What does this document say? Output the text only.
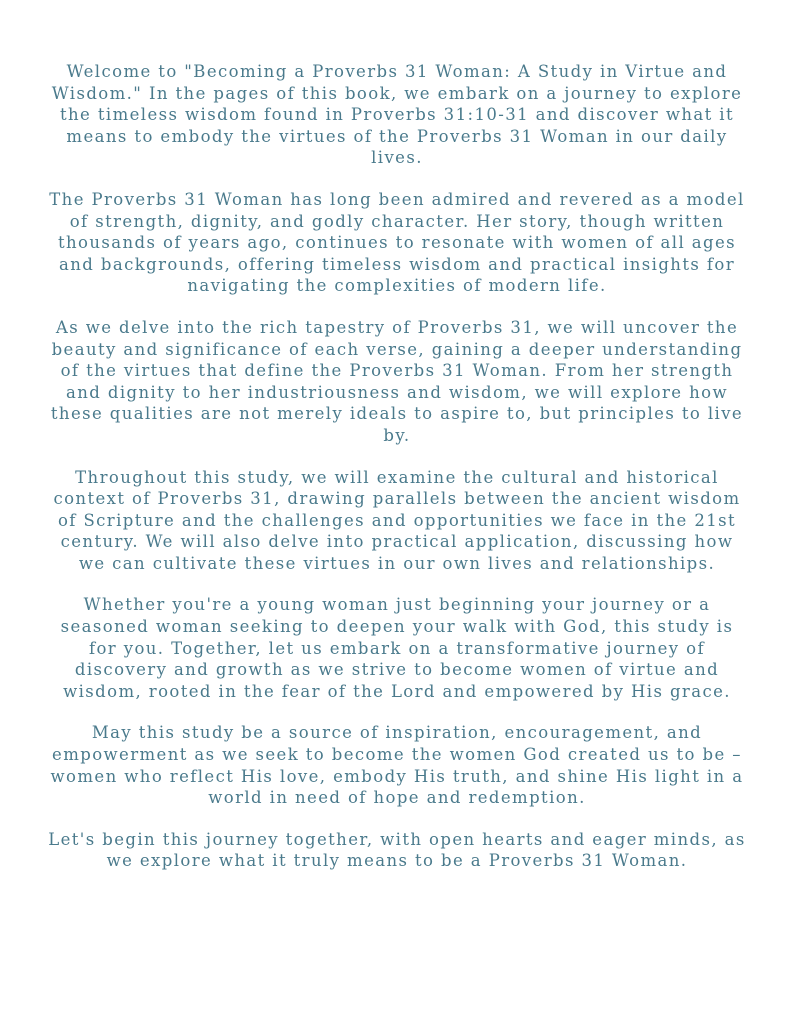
Welcome to "Becoming a Proverbs 31 Woman: A Study in Virtue and Wisdom." In the pages of this book, we embark on a journey to explore the timeless wisdom found in Proverbs 31:10-31 and discover what it means to embody the virtues of the Proverbs 31 Woman in our daily lives.

The Proverbs 31 Woman has long been admired and revered as a model of strength, dignity, and godly character. Her story, though written thousands of years ago, continues to resonate with women of all ages and backgrounds, offering timeless wisdom and practical insights for navigating the complexities of modern life.

As we delve into the rich tapestry of Proverbs 31, we will uncover the beauty and significance of each verse, gaining a deeper understanding of the virtues that define the Proverbs 31 Woman. From her strength and dignity to her industriousness and wisdom, we will explore how these qualities are not merely ideals to aspire to, but principles to live by.

Throughout this study, we will examine the cultural and historical context of Proverbs 31, drawing parallels between the ancient wisdom of Scripture and the challenges and opportunities we face in the 21st century. We will also delve into practical application, discussing how we can cultivate these virtues in our own lives and relationships.

Whether you're a young woman just beginning your journey or a seasoned woman seeking to deepen your walk with God, this study is for you. Together, let us embark on a transformative journey of discovery and growth as we strive to become women of virtue and wisdom, rooted in the fear of the Lord and empowered by His grace.

May this study be a source of inspiration, encouragement, and empowerment as we seek to become the women God created us to be – women who reflect His love, embody His truth, and shine His light in a world in need of hope and redemption.

Let's begin this journey together, with open hearts and eager minds, as we explore what it truly means to be a Proverbs 31 Woman.
